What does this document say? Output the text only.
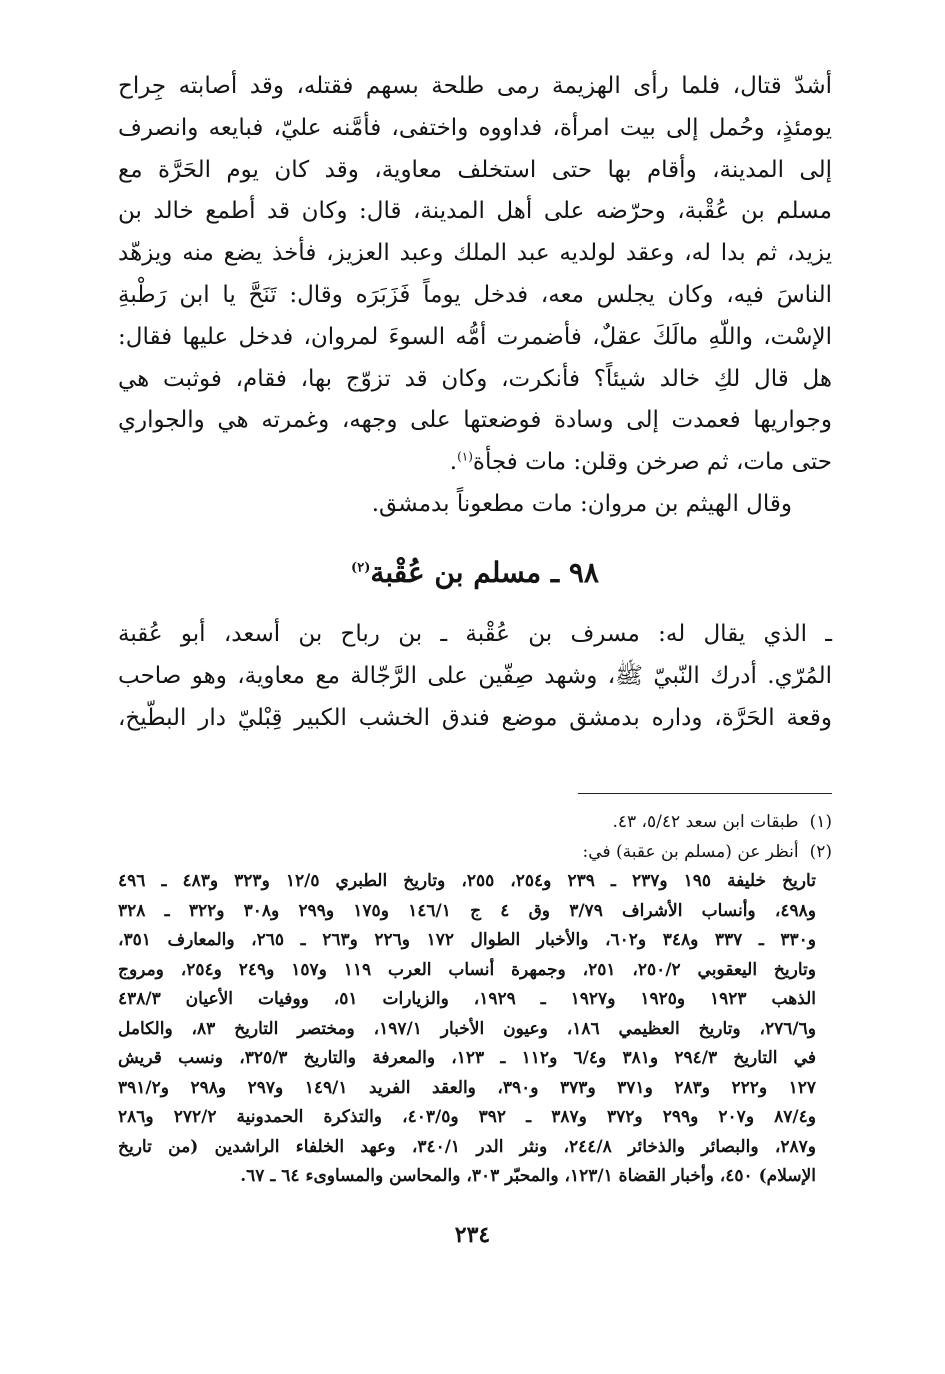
أشدّ قتال، فلما رأى الهزيمة رمى طلحة بسهم فقتله، وقد أصابته جِراح
يومئذٍ، وحُمل إلى بيت امرأة، فداووه واختفى، فأمَّنه عليّ، فبايعه وانصرف
إلى المدينة، وأقام بها حتى استخلف معاوية، وقد كان يوم الحَرَّة مع
مسلم بن عُقْبة، وحرّضه على أهل المدينة، قال: وكان قد أطمع خالد بن
يزيد، ثم بدا له، وعقد لولديه عبد الملك وعبد العزيز، فأخذ يضع منه ويزهّد
الناسَ فيه، وكان يجلس معه، فدخل يوماً فَزَبَرَه وقال: تَنَحَّ يا ابن رَطْبةِ
الإسْت، واللّهِ مالَكَ عقلٌ، فأضمرت أمُّه السوءَ لمروان، فدخل عليها فقال:
هل قال لكِ خالد شيئاً؟ فأنكرت، وكان قد تزوّج بها، فقام، فوثبت هي
وجواريها فعمدت إلى وسادة فوضعتها على وجهه، وغمرته هي والجواري
حتى مات، ثم صرخن وقلن: مات فجأة$^{(١)}$.
وقال الهيثم بن مروان: مات مطعوناً بدمشق.
٩٨ ـ مسلم بن عُقْبة$^{(٢)}$
ـ الذي يقال له: مسرف بن عُقْبة ـ بن رباح بن أسعد، أبو عُقبة
المُرّي. أدرك النّبيّ ﷺ، وشهد صِفّين على الرَّجّالة مع معاوية، وهو صاحب
وقعة الحَرَّة، وداره بدمشق موضع فندق الخشب الكبير قِبْليّ دار البطّيخ،
(١) طبقات ابن سعد ٥/٤٢، ٤٣.
(٢) أنظر عن (مسلم بن عقبة) في:
تاريخ خليفة ١٩٥ و٢٣٧ ـ ٢٣٩ و٢٥٤، ٢٥٥، وتاريخ الطبري ١٢/٥ و٣٢٣ و٤٨٣ ـ ٤٩٦
و٤٩٨، وأنساب الأشراف ٣/٧٩ وق ٤ ج ١٤٦/١ و١٧٥ و٢٩٩ و٣٠٨ و٣٢٢ ـ ٣٢٨
و٣٣٠ ـ ٣٣٧ و٣٤٨ و٦٠٢، والأخبار الطوال ١٧٢ و٢٢٦ و٢٦٣ ـ ٢٦٥، والمعارف ٣٥١،
وتاريخ اليعقوبي ٢٥٠/٢، ٢٥١، وجمهرة أنساب العرب ١١٩ و١٥٧ و٢٤٩ و٢٥٤، ومروج
الذهب ١٩٢٣ و١٩٢٥ و١٩٢٧ ـ ١٩٢٩، والزيارات ٥١، ووفيات الأعيان ٤٣٨/٣
و٢٧٦/٦، وتاريخ العظيمي ١٨٦، وعيون الأخبار ١٩٧/١، ومختصر التاريخ ٨٣، والكامل
في التاريخ ٢٩٤/٣ و٣٨١ و٦/٤ و١١٢ ـ ١٢٣، والمعرفة والتاريخ ٣٢٥/٣، ونسب قريش
١٢٧ و٢٢٢ و٢٨٣ و٣٧١ و٣٧٣ و٣٩٠، والعقد الفريد ١٤٩/١ و٢٩٧ و٢٩٨ و٣٩١/٢
و٨٧/٤ و٢٠٧ و٢٩٩ و٣٧٢ و٣٨٧ ـ ٣٩٢ و٤٠٣/٥، والتذكرة الحمدونية ٢٧٢/٢ و٢٨٦
و٢٨٧، والبصائر والذخائر ٢٤٤/٨، ونثر الدر ٣٤٠/١، وعهد الخلفاء الراشدين (من تاريخ
الإسلام) ٤٥٠، وأخبار القضاة ١٢٣/١، والمحبّر ٣٠٣، والمحاسن والمساوىء ٦٤ ـ ٦٧.
٢٣٤
